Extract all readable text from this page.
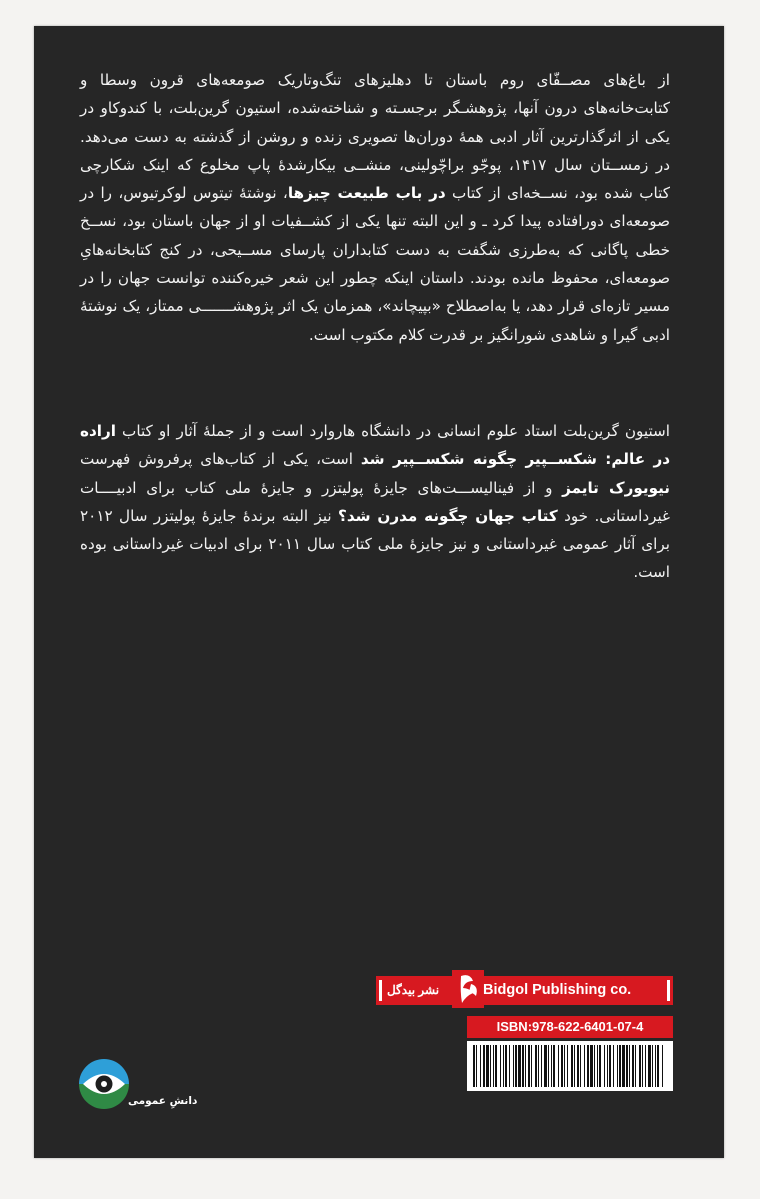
از باغ‌های مصــفّای روم باستان تا دهلیزهای تنگ‌وتاریک صومعه‌های قرون وسطا و کتابت‌خانه‌های درون آنها، پژوهشـگر برجسـته و شناخته‌شده، استیون گرین‌بلت، با کندوکاو در یکی از اثرگذارترین آثار ادبی همهٔ دوران‌ها تصویری زنده و روشن از گذشته به دست می‌دهد. در زمســتان سال ۱۴۱۷، پوجّو براچّولینی، منشــی بیکارشدهٔ پاپ مخلوع که اینک شکارچی کتاب شده بود، نســخه‌ای از کتاب در باب طبیعت چیزها، نوشتهٔ تیتوس لوکرتیوس، را در صومعه‌ای دورافتاده پیدا کرد ـ و این البته تنها یکی از کشــفیات او از جهان باستان بود، نســخ خطی پاگانی که به‌طرزی شگفت به دست کتابداران پارسای مســیحی، در کنج کتابخانه‌هایِ صومعه‌ای، محفوظ مانده بودند. داستان اینکه چطور این شعر خیره‌کننده توانست جهان را در مسیر تازه‌ای قرار دهد، یا به‌اصطلاح «بپیچاند»، همزمان یک اثر پژوهشـــــــی ممتاز، یک نوشتهٔ ادبی گیرا و شاهدی شورانگیز بر قدرت کلام مکتوب است.
استیون گرین‌بلت استاد علوم انسانی در دانشگاه هاروارد است و از جملهٔ آثار او کتاب اراده در عالم: شکســپیر چگونه شکســپیر شد است، یکی از کتاب‌های پرفروش فهرست نیویورک تایمز و از فینالیســـت‌های جایزهٔ پولیتزر و جایزهٔ ملی کتاب برای ادبیــــات غیرداستانی. خود کتاب جهان چگونه مدرن شد؟ نیز البته برندهٔ جایزهٔ پولیتزر سال ۲۰۱۲ برای آثار عمومی غیرداستانی و نیز جایزهٔ ملی کتاب سال ۲۰۱۱ برای ادبیات غیرداستانی بوده است.
دانشِ عمومی
Bidgol Publishing co.
نشر بیدگل
ISBN:978-622-6401-07-4
